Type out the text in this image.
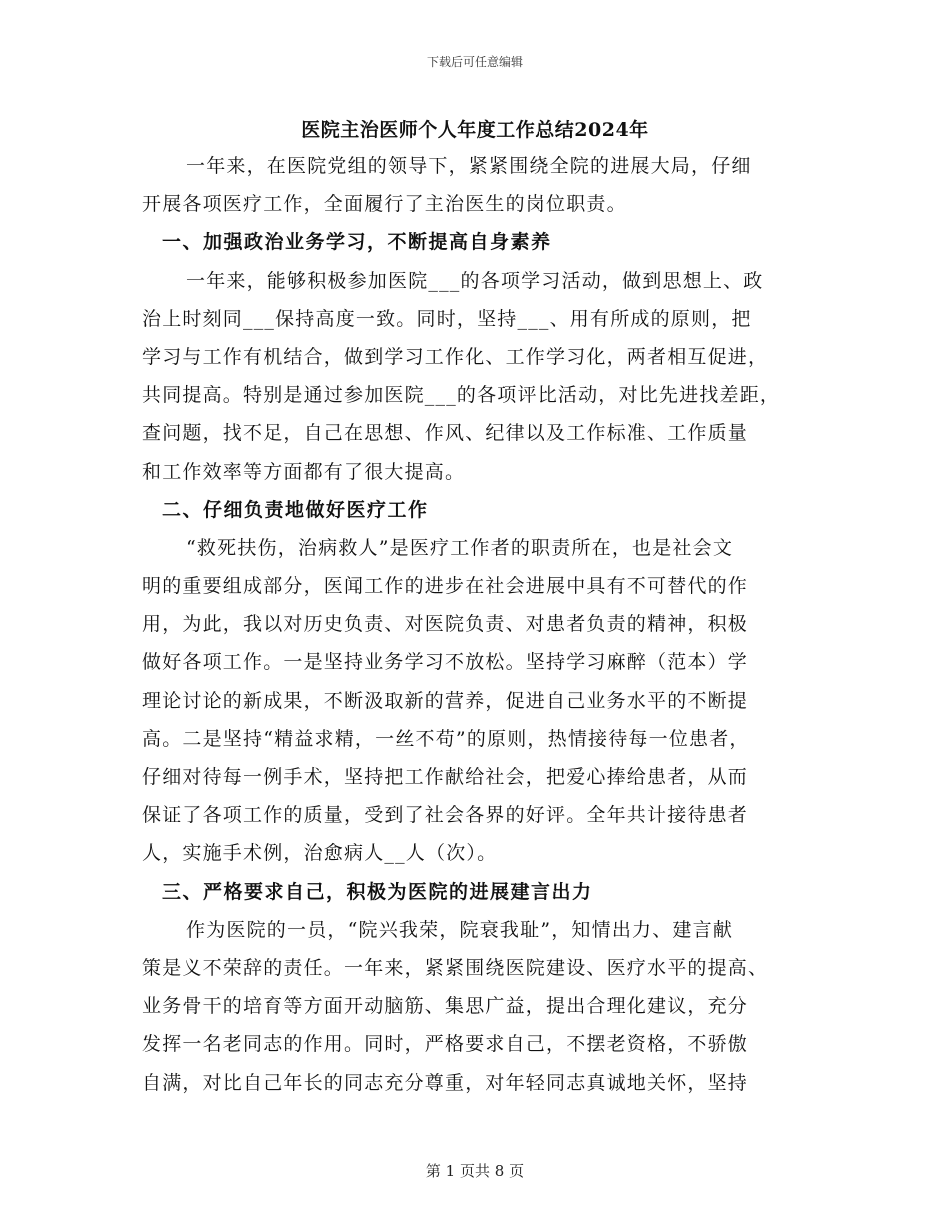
下载后可任意编辑
医院主治医师个人年度工作总结2024年
一年来，在医院党组的领导下，紧紧围绕全院的进展大局，仔细
开展各项医疗工作，全面履行了主治医生的岗位职责。
一、加强政治业务学习，不断提高自身素养
一年来，能够积极参加医院___的各项学习活动，做到思想上、政
治上时刻同___保持高度一致。同时，坚持___、用有所成的原则，把
学习与工作有机结合，做到学习工作化、工作学习化，两者相互促进，
共同提高。特别是通过参加医院___的各项评比活动，对比先进找差距，
查问题，找不足，自己在思想、作风、纪律以及工作标准、工作质量
和工作效率等方面都有了很大提高。
二、仔细负责地做好医疗工作
“救死扶伤，治病救人”是医疗工作者的职责所在，也是社会文
明的重要组成部分，医闻工作的进步在社会进展中具有不可替代的作
用，为此，我以对历史负责、对医院负责、对患者负责的精神，积极
做好各项工作。一是坚持业务学习不放松。坚持学习麻醉（范本）学
理论讨论的新成果，不断汲取新的营养，促进自己业务水平的不断提
高。二是坚持“精益求精，一丝不苟”的原则，热情接待每一位患者，
仔细对待每一例手术，坚持把工作献给社会，把爱心捧给患者，从而
保证了各项工作的质量，受到了社会各界的好评。全年共计接待患者
人，实施手术例，治愈病人__人（次）。
三、严格要求自己，积极为医院的进展建言出力
作为医院的一员，“院兴我荣，院衰我耻”，知情出力、建言献
策是义不荣辞的责任。一年来，紧紧围绕医院建设、医疗水平的提高、
业务骨干的培育等方面开动脑筋、集思广益，提出合理化建议，充分
发挥一名老同志的作用。同时，严格要求自己，不摆老资格，不骄傲
自满，对比自己年长的同志充分尊重，对年轻同志真诚地关怀，坚持
第 1 页共 8 页
